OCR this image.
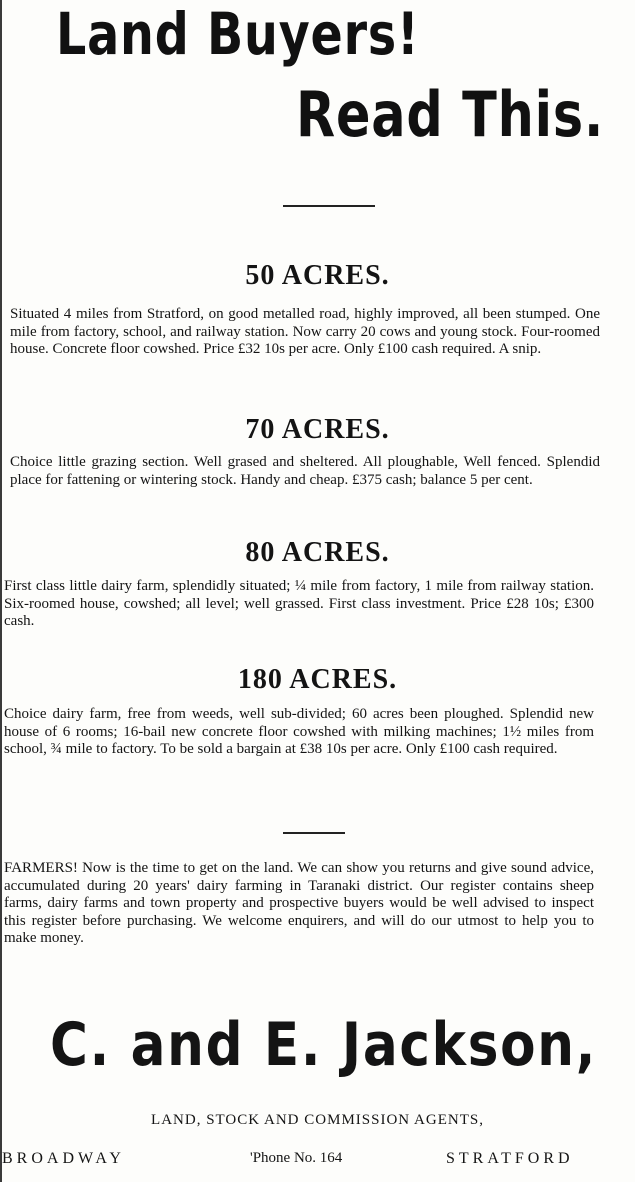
Land Buyers!
Read This.
50 ACRES.

Situated 4 miles from Stratford, on good metalled road, highly improved, all been stumped. One mile from factory, school, and railway station. Now carry 20 cows and young stock. Four-roomed house. Concrete floor cowshed. Price £32 10s per acre. Only £100 cash required. A snip.

70 ACRES.

Choice little grazing section. Well grased and sheltered. All ploughable, Well fenced. Splendid place for fattening or wintering stock. Handy and cheap. £375 cash; balance 5 per cent.

80 ACRES.

First class little dairy farm, splendidly situated; ¼ mile from factory, 1 mile from railway station. Six-roomed house, cowshed; all level; well grassed. First class investment. Price £28 10s; £300 cash.

180 ACRES.

Choice dairy farm, free from weeds, well sub-divided; 60 acres been ploughed. Splendid new house of 6 rooms; 16-bail new concrete floor cowshed with milking machines; 1½ miles from school, ¾ mile to factory. To be sold a bargain at £38 10s per acre. Only £100 cash required.

FARMERS! Now is the time to get on the land. We can show you returns and give sound advice, accumulated during 20 years' dairy farming in Taranaki district. Our register contains sheep farms, dairy farms and town property and prospective buyers would be well advised to inspect this register before purchasing. We welcome enquirers, and will do our utmost to help you to make money.

C. and E. Jackson,
LAND, STOCK AND COMMISSION AGENTS,
BROADWAY	'Phone No. 164	STRATFORD
